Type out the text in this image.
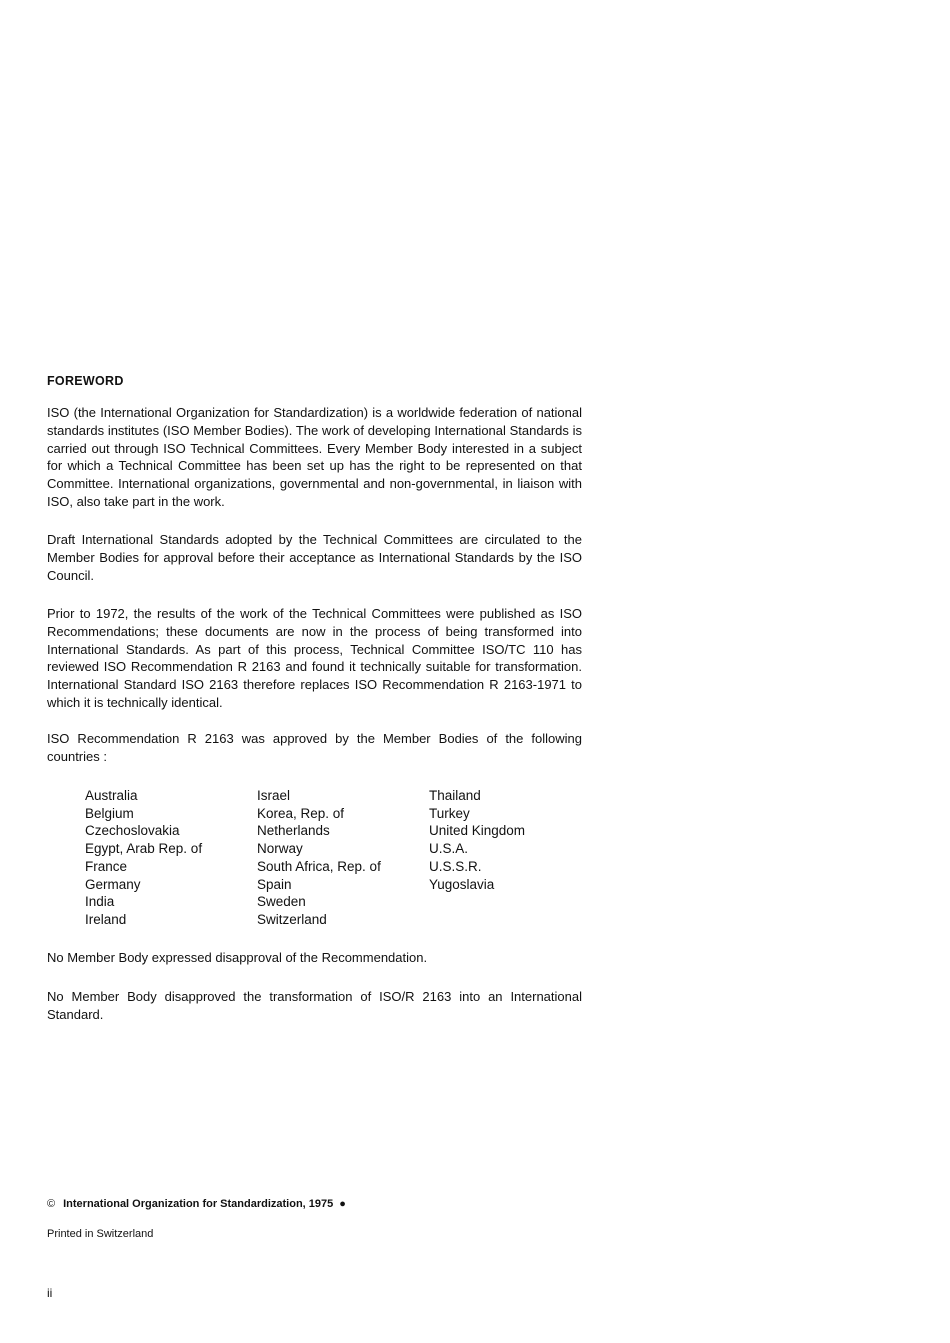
FOREWORD

ISO (the International Organization for Standardization) is a worldwide federation of national standards institutes (ISO Member Bodies). The work of developing International Standards is carried out through ISO Technical Committees. Every Member Body interested in a subject for which a Technical Committee has been set up has the right to be represented on that Committee. International organizations, governmental and non-governmental, in liaison with ISO, also take part in the work.

Draft International Standards adopted by the Technical Committees are circulated to the Member Bodies for approval before their acceptance as International Standards by the ISO Council.

Prior to 1972, the results of the work of the Technical Committees were published as ISO Recommendations; these documents are now in the process of being transformed into International Standards. As part of this process, Technical Committee ISO/TC 110 has reviewed ISO Recommendation R 2163 and found it technically suitable for transformation. International Standard ISO 2163 therefore replaces ISO Recommendation R 2163-1971 to which it is technically identical.

ISO Recommendation R 2163 was approved by the Member Bodies of the following countries :

Australia
Belgium
Czechoslovakia
Egypt, Arab Rep. of
France
Germany
India
Ireland
Israel
Korea, Rep. of
Netherlands
Norway
South Africa, Rep. of
Spain
Sweden
Switzerland
Thailand
Turkey
United Kingdom
U.S.A.
U.S.S.R.
Yugoslavia

No Member Body expressed disapproval of the Recommendation.

No Member Body disapproved the transformation of ISO/R 2163 into an International Standard.

© International Organization for Standardization, 1975 ●

Printed in Switzerland

ii
